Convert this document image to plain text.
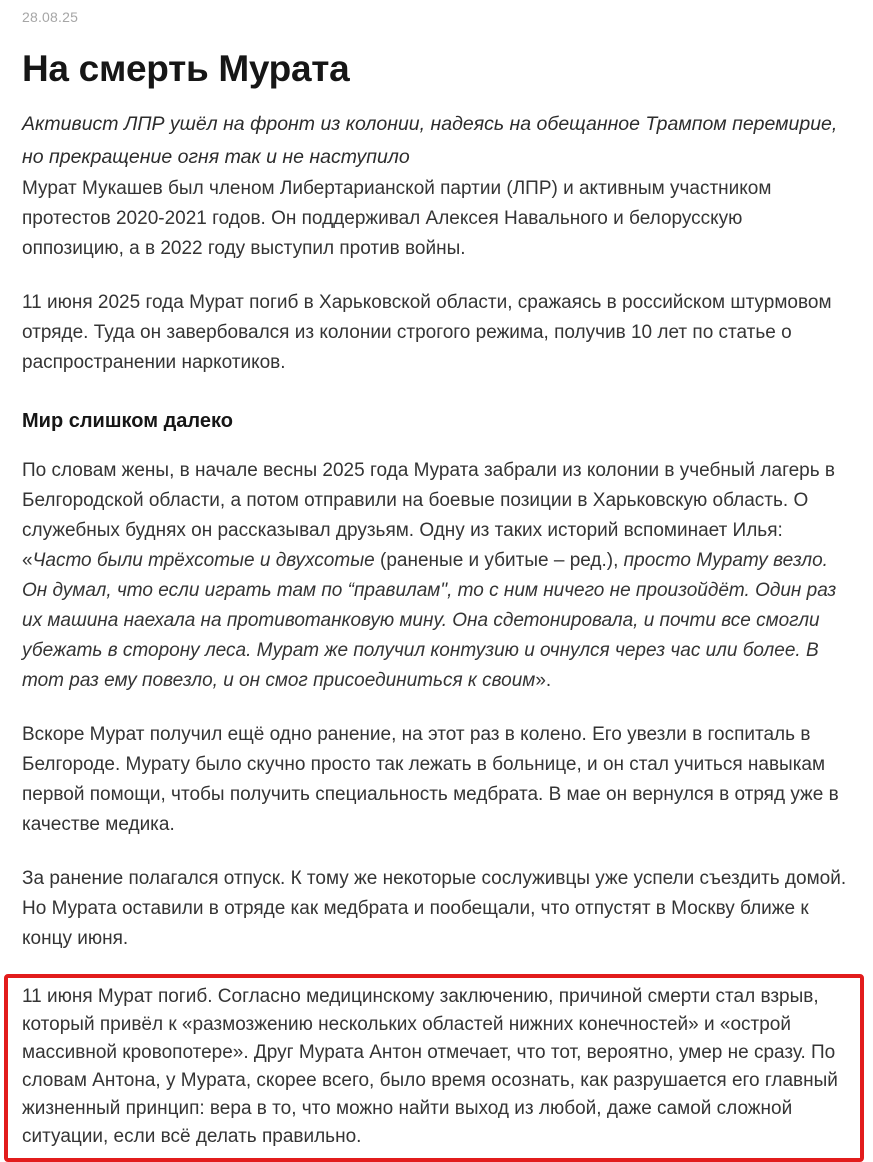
28.08.25
На смерть Мурата
Активист ЛПР ушёл на фронт из колонии, надеясь на обещанное Трампом перемирие, но прекращение огня так и не наступило

Мурат Мукашев был членом Либертарианской партии (ЛПР) и активным участником протестов 2020-2021 годов. Он поддерживал Алексея Навального и белорусскую оппозицию, а в 2022 году выступил против войны.

11 июня 2025 года Мурат погиб в Харьковской области, сражаясь в российском штурмовом отряде. Туда он завербовался из колонии строгого режима, получив 10 лет по статье о распространении наркотиков.

Мир слишком далеко

По словам жены, в начале весны 2025 года Мурата забрали из колонии в учебный лагерь в Белгородской области, а потом отправили на боевые позиции в Харьковскую область. О служебных буднях он рассказывал друзьям. Одну из таких историй вспоминает Илья: «Часто были трёхсотые и двухсотые (раненые и убитые – ред.), просто Мурату везло. Он думал, что если играть там по “правилам", то с ним ничего не произойдёт. Один раз их машина наехала на противотанковую мину. Она сдетонировала, и почти все смогли убежать в сторону леса. Мурат же получил контузию и очнулся через час или более. В тот раз ему повезло, и он смог присоединиться к своим».

Вскоре Мурат получил ещё одно ранение, на этот раз в колено. Его увезли в госпиталь в Белгороде. Мурату было скучно просто так лежать в больнице, и он стал учиться навыкам первой помощи, чтобы получить специальность медбрата. В мае он вернулся в отряд уже в качестве медика.

За ранение полагался отпуск. К тому же некоторые сослуживцы уже успели съездить домой. Но Мурата оставили в отряде как медбрата и пообещали, что отпустят в Москву ближе к концу июня.

11 июня Мурат погиб. Согласно медицинскому заключению, причиной смерти стал взрыв, который привёл к «размозжению нескольких областей нижних конечностей» и «острой массивной кровопотере». Друг Мурата Антон отмечает, что тот, вероятно, умер не сразу. По словам Антона, у Мурата, скорее всего, было время осознать, как разрушается его главный жизненный принцип: вера в то, что можно найти выход из любой, даже самой сложной ситуации, если всё делать правильно.
